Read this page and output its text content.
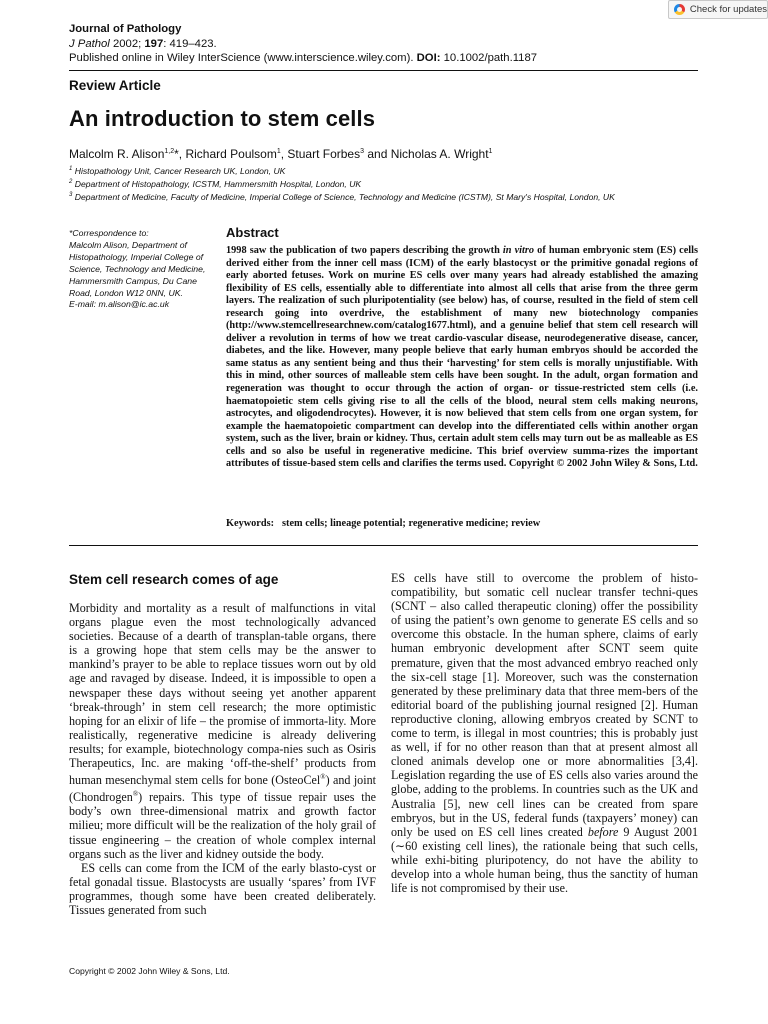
Check for updates
Journal of Pathology
J Pathol 2002; 197: 419–423.
Published online in Wiley InterScience (www.interscience.wiley.com). DOI: 10.1002/path.1187
Review Article
An introduction to stem cells
Malcolm R. Alison$^{1,2}$*, Richard Poulsom$^1$, Stuart Forbes$^3$ and Nicholas A. Wright$^1$
$^1$ Histopathology Unit, Cancer Research UK, London, UK
$^2$ Department of Histopathology, ICSTM, Hammersmith Hospital, London, UK
$^3$ Department of Medicine, Faculty of Medicine, Imperial College of Science, Technology and Medicine (ICSTM), St Mary's Hospital, London, UK
*Correspondence to:
Malcolm Alison, Department of Histopathology, Imperial College of Science, Technology and Medicine, Hammersmith Campus, Du Cane Road, London W12 0NN, UK.
E-mail: m.alison@ic.ac.uk
Abstract
1998 saw the publication of two papers describing the growth in vitro of human embryonic stem (ES) cells derived either from the inner cell mass (ICM) of the early blastocyst or the primitive gonadal regions of early aborted fetuses. Work on murine ES cells over many years had already established the amazing flexibility of ES cells, essentially able to differentiate into almost all cells that arise from the three germ layers. The realization of such pluripotentiality (see below) has, of course, resulted in the field of stem cell research going into overdrive, the establishment of many new biotechnology companies (http://www.stemcellresearchnew.com/catalog1677.html), and a genuine belief that stem cell research will deliver a revolution in terms of how we treat cardio-vascular disease, neurodegenerative disease, cancer, diabetes, and the like. However, many people believe that early human embryos should be accorded the same status as any sentient being and thus their ‘harvesting’ for stem cells is morally unjustifiable. With this in mind, other sources of malleable stem cells have been sought. In the adult, organ formation and regeneration was thought to occur through the action of organ- or tissue-restricted stem cells (i.e. haematopoietic stem cells giving rise to all the cells of the blood, neural stem cells making neurons, astrocytes, and oligodendrocytes). However, it is now believed that stem cells from one organ system, for example the haematopoietic compartment can develop into the differentiated cells within another organ system, such as the liver, brain or kidney. Thus, certain adult stem cells may turn out be as malleable as ES cells and so also be useful in regenerative medicine. This brief overview summa-rizes the important attributes of tissue-based stem cells and clarifies the terms used. Copyright © 2002 John Wiley & Sons, Ltd.
Keywords: stem cells; lineage potential; regenerative medicine; review
Stem cell research comes of age

Morbidity and mortality as a result of malfunctions in vital organs plague even the most technologically advanced societies. Because of a dearth of transplan-table organs, there is a growing hope that stem cells may be the answer to mankind’s prayer to be able to replace tissues worn out by old age and ravaged by disease. Indeed, it is impossible to open a newspaper these days without seeing yet another apparent ‘break-through’ in stem cell research; the more optimistic hoping for an elixir of life – the promise of immorta-lity. More realistically, regenerative medicine is already delivering results; for example, biotechnology compa-nies such as Osiris Therapeutics, Inc. are making ‘off-the-shelf’ products from human mesenchymal stem cells for bone (OsteoCel®) and joint (Chondrogen®) repairs. This type of tissue repair uses the body’s own three-dimensional matrix and growth factor milieu; more difficult will be the realization of the holy grail of tissue engineering – the creation of whole complex internal organs such as the liver and kidney outside the body.

ES cells can come from the ICM of the early blasto-cyst or fetal gonadal tissue. Blastocysts are usually ‘spares’ from IVF programmes, though some have been created deliberately. Tissues generated from such

ES cells have still to overcome the problem of histo-compatibility, but somatic cell nuclear transfer techni-ques (SCNT – also called therapeutic cloning) offer the possibility of using the patient’s own genome to generate ES cells and so overcome this obstacle. In the human sphere, claims of early human embryonic development after SCNT seem quite premature, given that the most advanced embryo reached only the six-cell stage [1]. Moreover, such was the consternation generated by these preliminary data that three mem-bers of the editorial board of the publishing journal resigned [2]. Human reproductive cloning, allowing embryos created by SCNT to come to term, is illegal in most countries; this is probably just as well, if for no other reason than that at present almost all cloned animals develop one or more abnormalities [3,4]. Legislation regarding the use of ES cells also varies around the globe, adding to the problems. In countries such as the UK and Australia [5], new cell lines can be created from spare embryos, but in the US, federal funds (taxpayers’ money) can only be used on ES cell lines created before 9 August 2001 (∼60 existing cell lines), the rationale being that such cells, while exhi-biting pluripotency, do not have the ability to develop into a whole human being, thus the sanctity of human life is not compromised by their use.

Copyright © 2002 John Wiley & Sons, Ltd.
